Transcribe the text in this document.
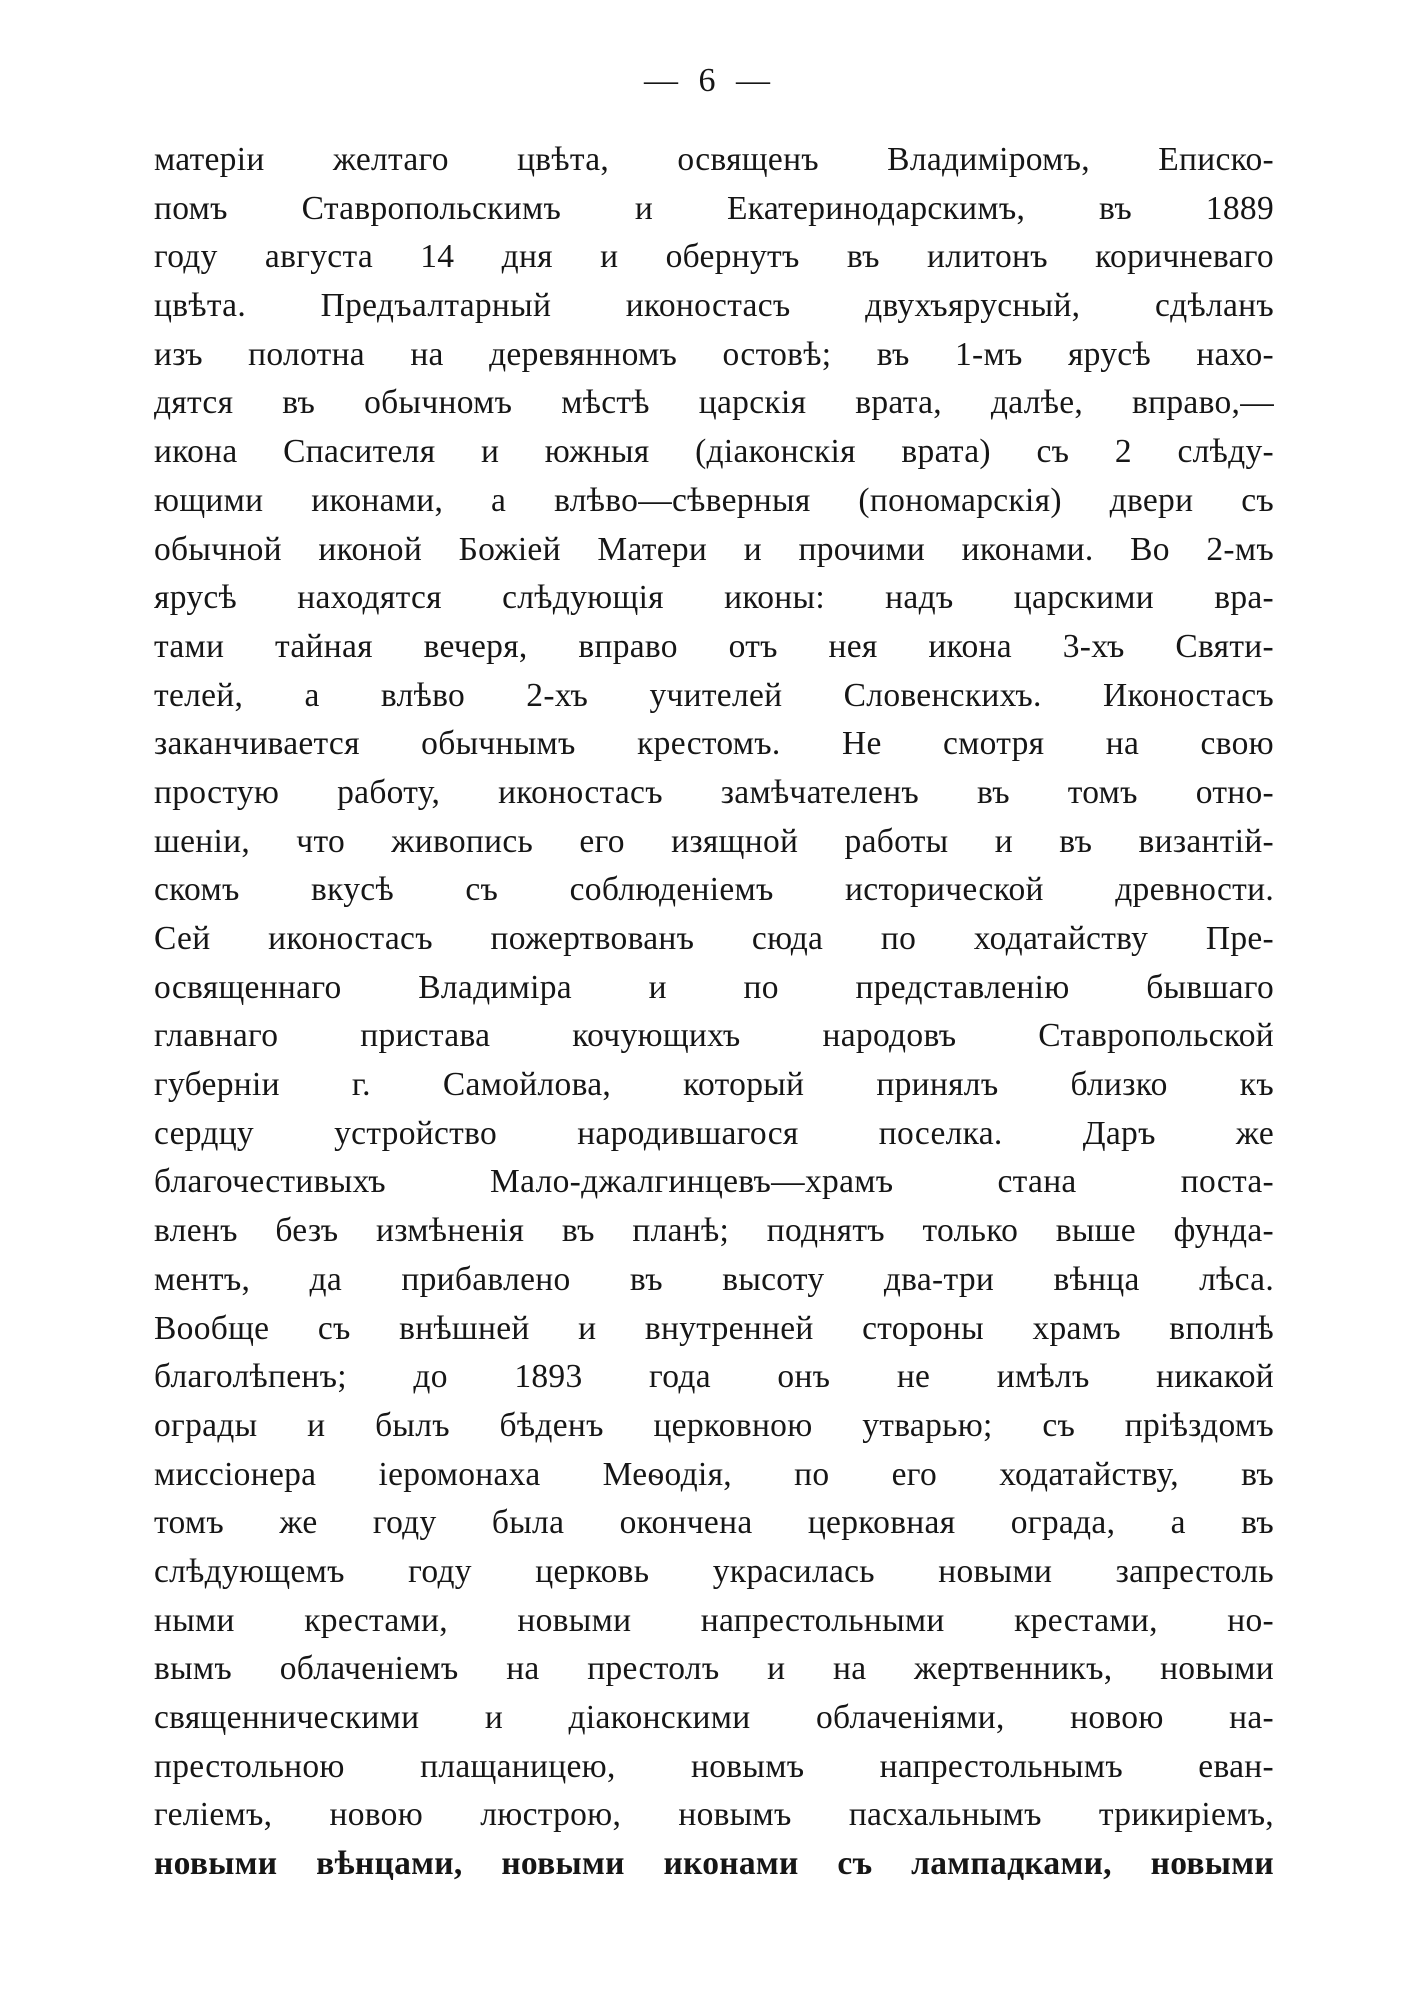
— 6 —
матеріи желтаго цвѣта, освященъ Владиміромъ, Еписко-
помъ Ставропольскимъ и Екатеринодарскимъ, въ 1889
году августа 14 дня и обернутъ въ илитонъ коричневаго
цвѣта. Предъалтарный иконостасъ двухъярусный, сдѣланъ
изъ полотна на деревянномъ остовѣ; въ 1-мъ ярусѣ нахо-
дятся въ обычномъ мѣстѣ царскія врата, далѣе, вправо,—
икона Спасителя и южныя (діаконскія врата) съ 2 слѣду-
ющими иконами, а влѣво—сѣверныя (пономарскія) двери съ
обычной иконой Божіей Матери и прочими иконами. Во 2-мъ
ярусѣ находятся слѣдующія иконы: надъ царскими вра-
тами тайная вечеря, вправо отъ нея икона 3-хъ Святи-
телей, а влѣво 2-хъ учителей Словенскихъ. Иконостасъ
заканчивается обычнымъ крестомъ. Не смотря на свою
простую работу, иконостасъ замѣчателенъ въ томъ отно-
шеніи, что живопись его изящной работы и въ византій-
скомъ вкусѣ съ соблюденіемъ исторической древности.
Сей иконостасъ пожертвованъ сюда по ходатайству Пре-
освященнаго Владиміра и по представленію бывшаго
главнаго пристава кочующихъ народовъ Ставропольской
губерніи г. Самойлова, который принялъ близко къ
сердцу устройство народившагося поселка. Даръ же
благочестивыхъ Мало-джалгинцевъ—храмъ стана поста-
вленъ безъ измѣненія въ планѣ; поднятъ только выше фунда-
ментъ, да прибавлено въ высоту два-три вѣнца лѣса.
Вообще съ внѣшней и внутренней стороны храмъ вполнѣ
благолѣпенъ; до 1893 года онъ не имѣлъ никакой
ограды и былъ бѣденъ церковною утварью; съ пріѣздомъ
миссіонера іеромонаха Меѳодія, по его ходатайству, въ
томъ же году была окончена церковная ограда, а въ
слѣдующемъ году церковь украсилась новыми запрестоль
ными крестами, новыми напрестольными крестами, но-
вымъ облаченіемъ на престолъ и на жертвенникъ, новыми
священническими и діаконскими облаченіями, новою на-
престольною плащаницею, новымъ напрестольнымъ еван-
геліемъ, новою люстрою, новымъ пасхальнымъ трикиріемъ,
новыми вѣнцами, новыми иконами съ лампадками, новыми
